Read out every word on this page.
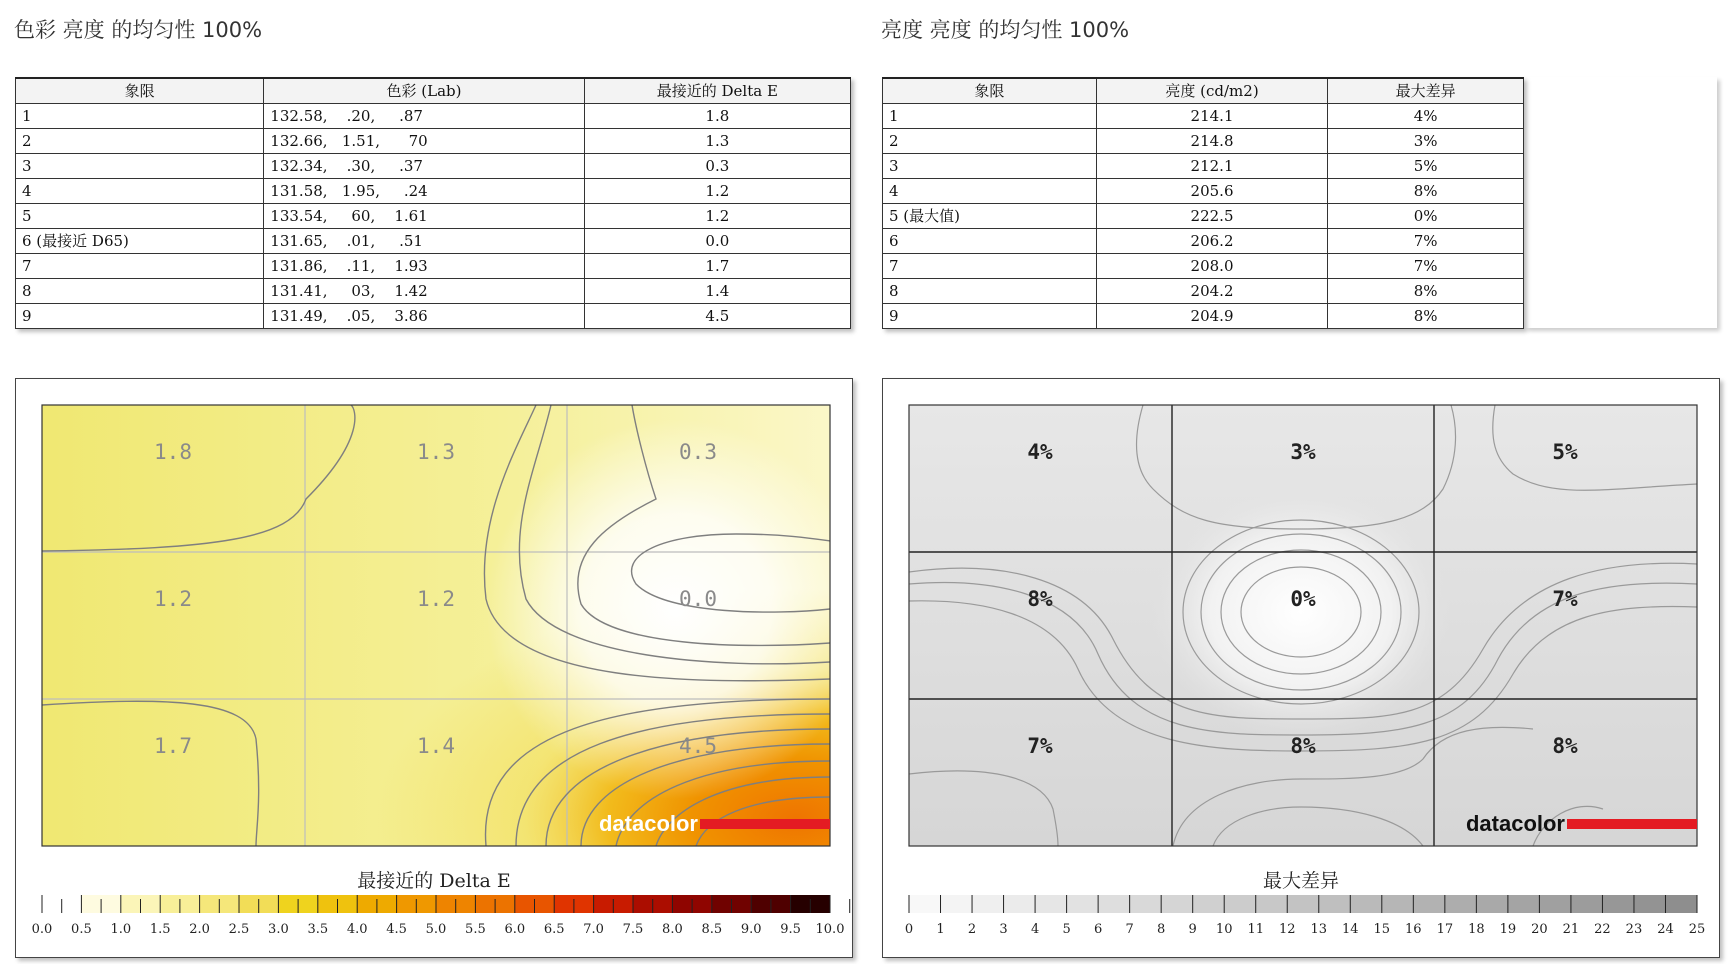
色彩 亮度 的均匀性 100%	亮度 亮度 的均匀性 100%
象限	色彩 (Lab)	最接近的 Delta E
1	132.58,    .20,     .87	1.8
2	132.66,   1.51,      70	1.3
3	132.34,    .30,     .37	0.3
4	131.58,   1.95,     .24	1.2
5	133.54,     60,    1.61	1.2
6 (最接近 D65)	131.65,    .01,     .51	0.0
7	131.86,    .11,    1.93	1.7
8	131.41,     03,    1.42	1.4
9	131.49,    .05,    3.86	4.5
象限	亮度 (cd/m2)	最大差异
1	214.1	4%
2	214.8	3%
3	212.1	5%
4	205.6	8%
5 (最大值)	222.5	0%
6	206.2	7%
7	208.0	7%
8	204.2	8%
9	204.9	8%
1.8	1.3	0.3
1.2	1.2	0.0
1.7	1.4	4.5
datacolor
最接近的 Delta E
0.0 0.5 1.0 1.5 2.0 2.5 3.0 3.5 4.0 4.5 5.0 5.5 6.0 6.5 7.0 7.5 8.0 8.5 9.0 9.5 10.0
4%	3%	5%
8%	0%	7%
7%	8%	8%
datacolor
最大差异
0 1 2 3 4 5 6 7 8 9 10 11 12 13 14 15 16 17 18 19 20 21 22 23 24 25
